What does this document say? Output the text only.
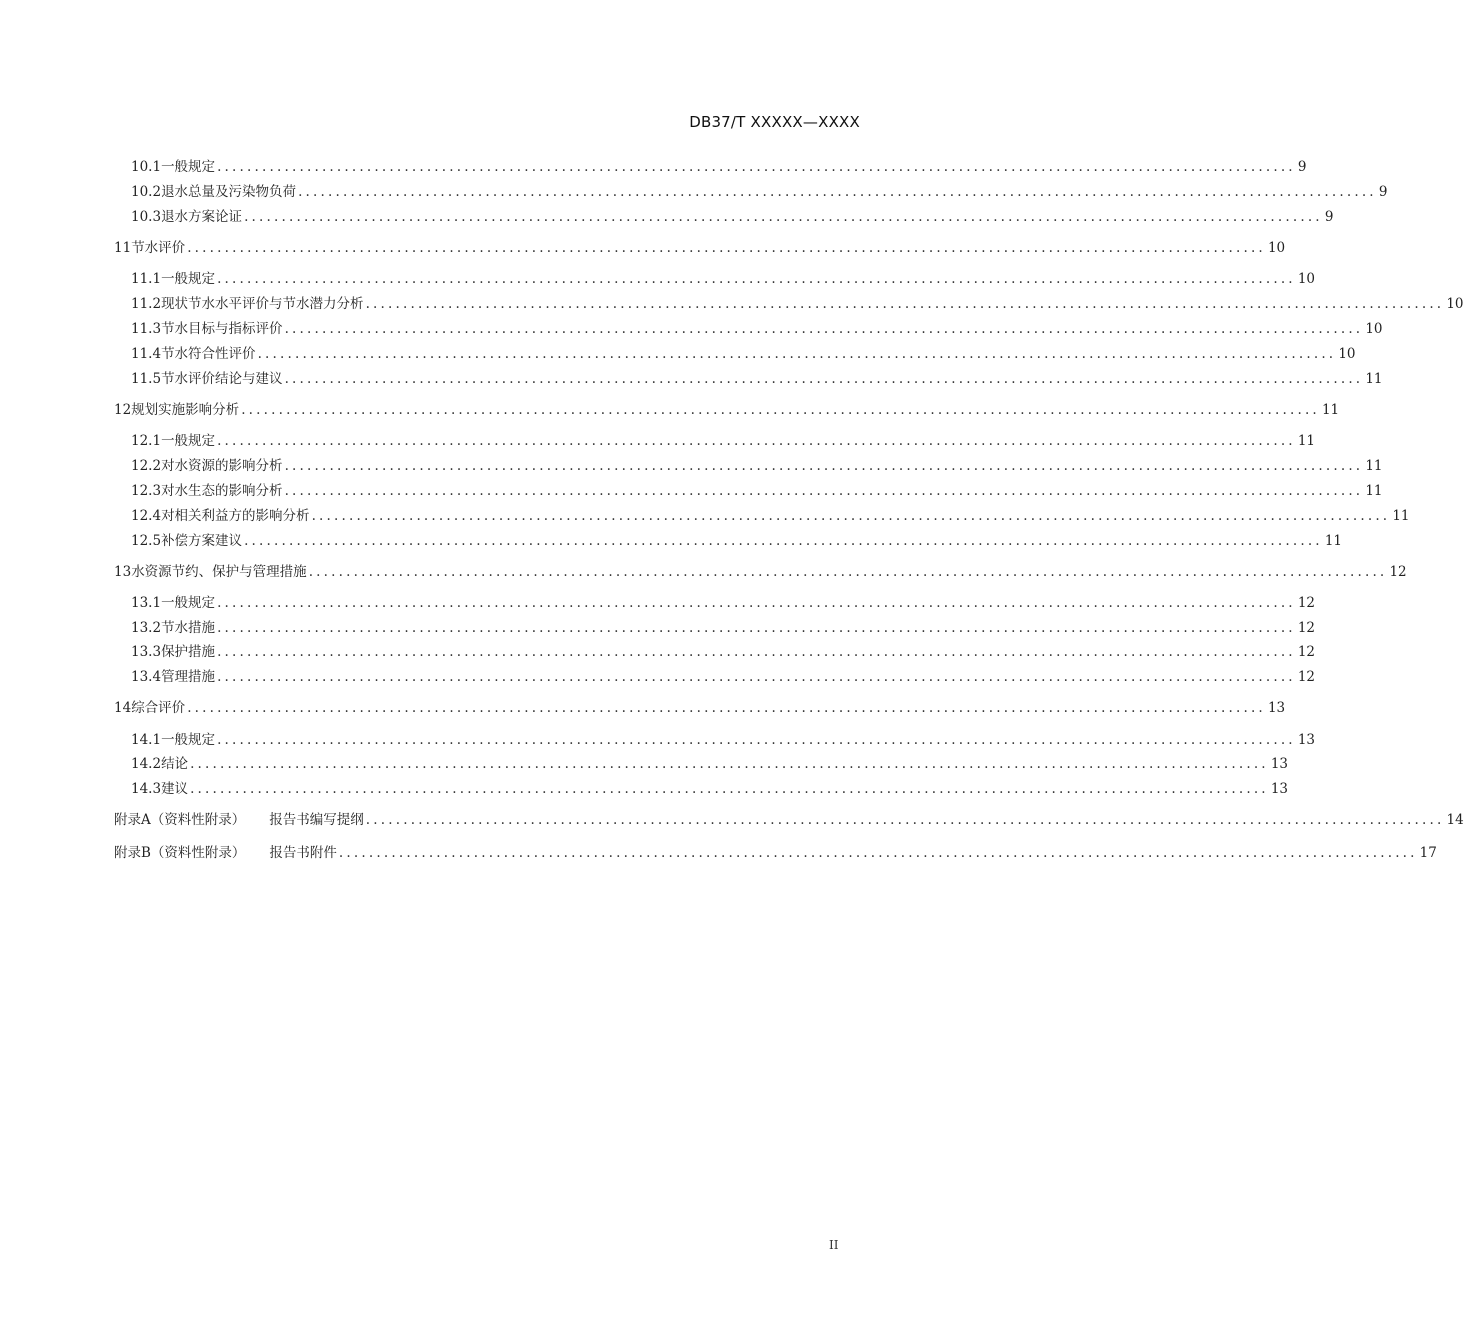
DB37/T XXXXX—XXXX
10.1 一般规定 ................................................................................................................................................ 9
10.2 退水总量及污染物负荷 ................................................................................................................................................ 9
10.3 退水方案论证 ................................................................................................................................................ 9
11 节水评价 ................................................................................................................................................ 10
11.1 一般规定 ................................................................................................................................................ 10
11.2 现状节水水平评价与节水潜力分析 ................................................................................................................................................ 10
11.3 节水目标与指标评价 ................................................................................................................................................ 10
11.4 节水符合性评价 ................................................................................................................................................ 10
11.5 节水评价结论与建议 ................................................................................................................................................ 11
12 规划实施影响分析 ................................................................................................................................................ 11
12.1 一般规定 ................................................................................................................................................ 11
12.2 对水资源的影响分析 ................................................................................................................................................ 11
12.3 对水生态的影响分析 ................................................................................................................................................ 11
12.4 对相关利益方的影响分析 ................................................................................................................................................ 11
12.5 补偿方案建议 ................................................................................................................................................ 11
13 水资源节约、保护与管理措施 ................................................................................................................................................ 12
13.1 一般规定 ................................................................................................................................................ 12
13.2 节水措施 ................................................................................................................................................ 12
13.3 保护措施 ................................................................................................................................................ 12
13.4 管理措施 ................................................................................................................................................ 12
14 综合评价 ................................................................................................................................................ 13
14.1 一般规定 ................................................................................................................................................ 13
14.2 结论 ................................................................................................................................................ 13
14.3 建议 ................................................................................................................................................ 13
附录A（资料性附录） 报告书编写提纲 ................................................................................................................................................ 14
附录B（资料性附录） 报告书附件 ................................................................................................................................................ 17
II
